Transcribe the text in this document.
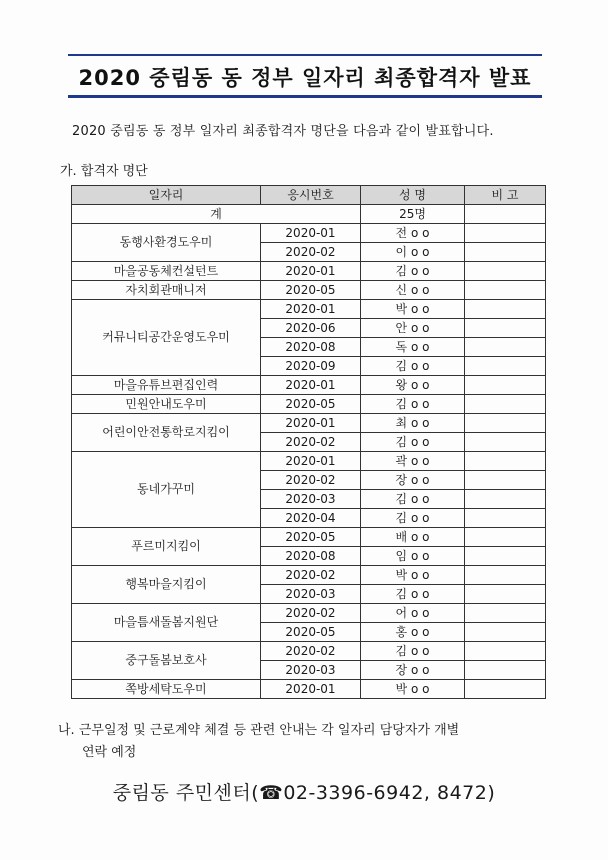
2020 중림동 동 정부 일자리 최종합격자 발표
2020 중림동 동 정부 일자리 최종합격자 명단을 다음과 같이 발표합니다.
가. 합격자 명단
일자리	응시번호	성 명	비 고
계		25명	
동행사환경도우미	2020-01	전 o o	
	2020-02	이 o o	
마을공동체컨설턴트	2020-01	김 o o	
자치회관매니저	2020-05	신 o o	
커뮤니티공간운영도우미	2020-01	박 o o	
	2020-06	안 o o	
	2020-08	독 o o	
	2020-09	김 o o	
마을유튜브편집인력	2020-01	왕 o o	
민원안내도우미	2020-05	김 o o	
어린이안전통학로지킴이	2020-01	최 o o	
	2020-02	김 o o	
동네가꾸미	2020-01	곽 o o	
	2020-02	장 o o	
	2020-03	김 o o	
	2020-04	김 o o	
푸르미지킴이	2020-05	배 o o	
	2020-08	임 o o	
행복마을지킴이	2020-02	박 o o	
	2020-03	김 o o	
마을틈새돌봄지원단	2020-02	어 o o	
	2020-05	홍 o o	
중구돌봄보호사	2020-02	김 o o	
	2020-03	장 o o	
쪽방세탁도우미	2020-01	박 o o	
나. 근무일정 및 근로계약 체결 등 관련 안내는 각 일자리 담당자가 개별
연락 예정
중림동 주민센터(☎02-3396-6942, 8472)
